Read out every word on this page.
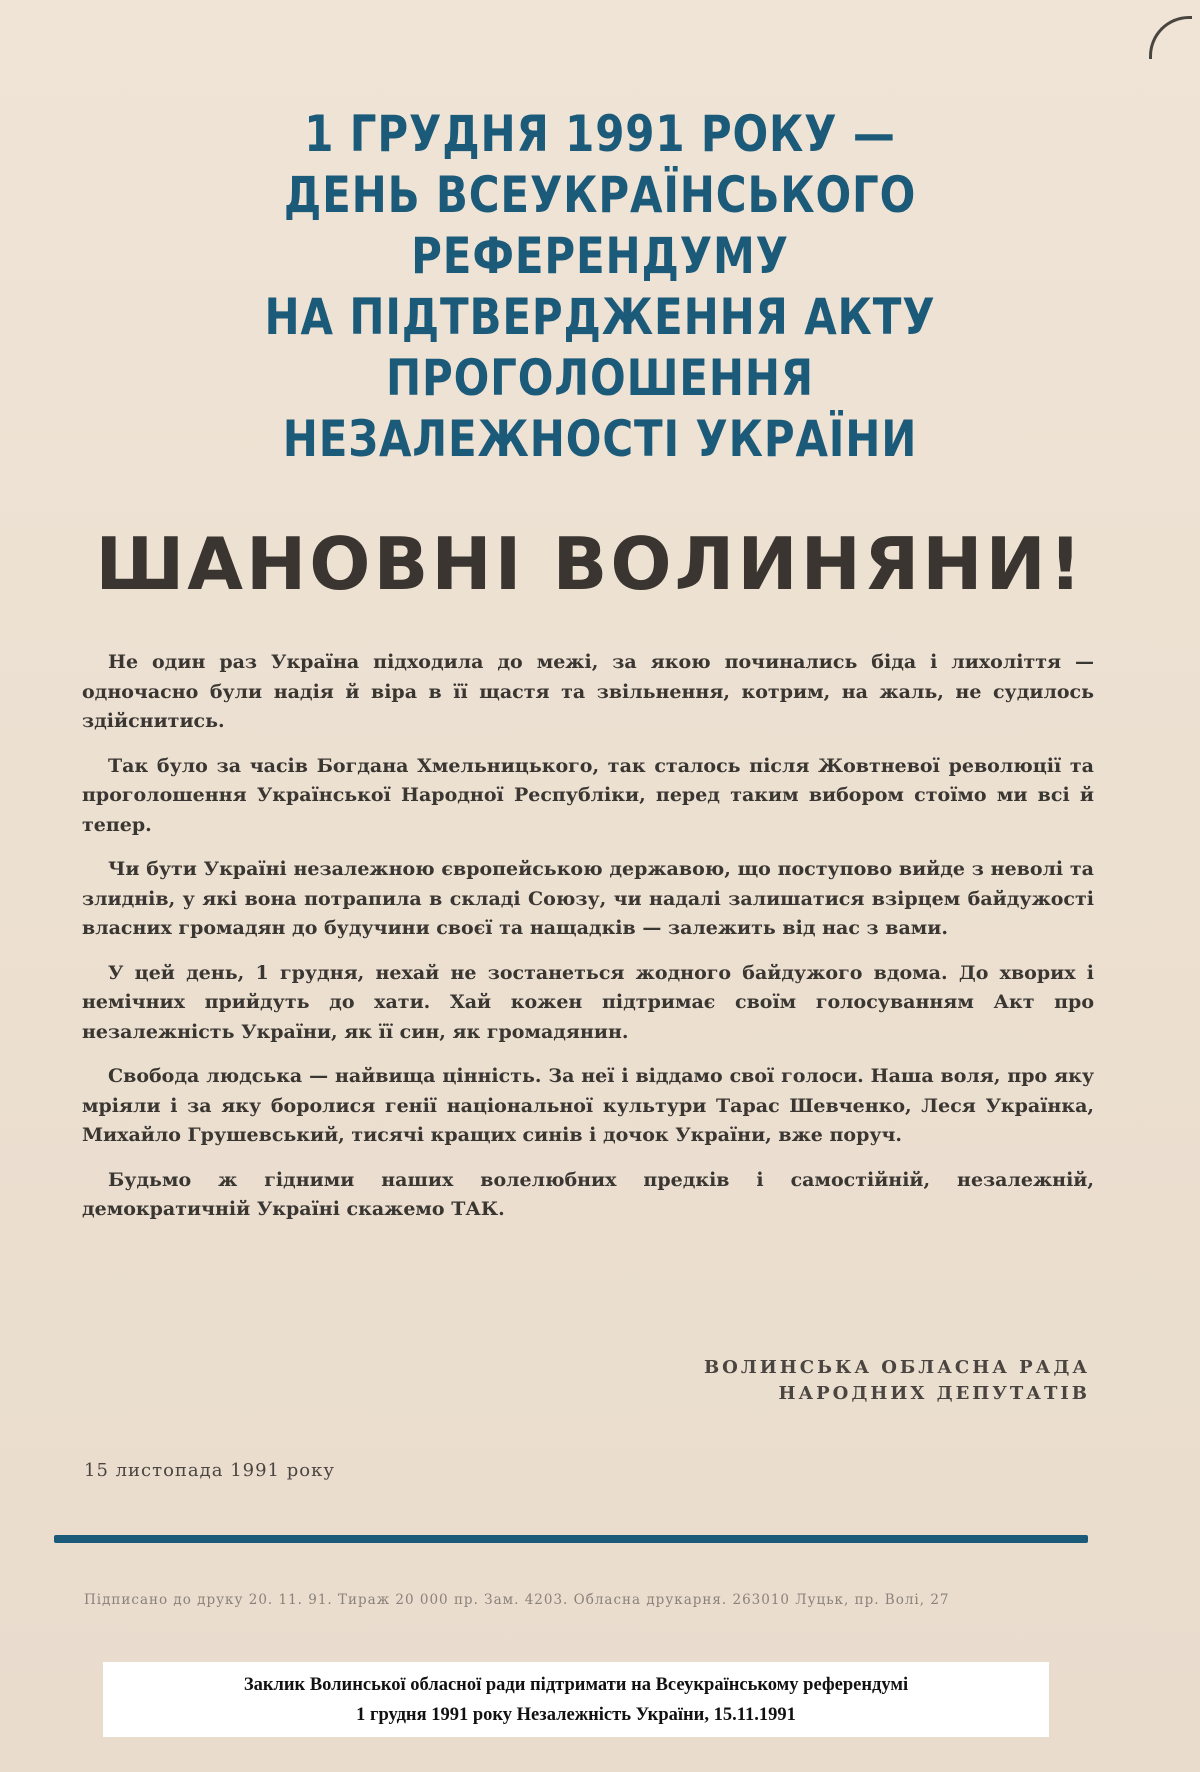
1 ГРУДНЯ 1991 РОКУ —
ДЕНЬ ВСЕУКРАЇНСЬКОГО РЕФЕРЕНДУМУ
НА ПІДТВЕРДЖЕННЯ АКТУ
ПРОГОЛОШЕННЯ
НЕЗАЛЕЖНОСТІ УКРАЇНИ
ШАНОВНІ ВОЛИНЯНИ!

Не один раз Україна підходила до межі, за якою починались біда і лихоліття — одночасно були надія й віра в її щастя та звільнення, котрим, на жаль, не судилось здійснитись.

Так було за часів Богдана Хмельницького, так сталось після Жовтневої революції та проголошення Української Народної Республіки, перед таким вибором стоїмо ми всі й тепер.

Чи бути Україні незалежною європейською державою, що поступово вийде з неволі та злиднів, у які вона потрапила в складі Союзу, чи надалі залишатися взірцем байдужості власних громадян до будучини своєї та нащадків — залежить від нас з вами.

У цей день, 1 грудня, нехай не зостанеться жодного байдужого вдома. До хворих і немічних прийдуть до хати. Хай кожен підтримає своїм голосуванням Акт про незалежність України, як її син, як громадянин.

Свобода людська — найвища цінність. За неї і віддамо свої голоси. Наша воля, про яку мріяли і за яку боролися генії національної культури Тарас Шевченко, Леся Українка, Михайло Грушевський, тисячі кращих синів і дочок України, вже поруч.

Будьмо ж гідними наших волелюбних предків і самостійній, незалежній, демократичній Україні скажемо ТАК.

ВОЛИНСЬКА ОБЛАСНА РАДА
НАРОДНИХ ДЕПУТАТІВ
15 листопада 1991 року
Підписано до друку 20. 11. 91. Тираж 20 000 пр. Зам. 4203. Обласна друкарня. 263010 Луцьк, пр. Волі, 27
Заклик Волинської обласної ради підтримати на Всеукраїнському референдумі
1 грудня 1991 року Незалежність України, 15.11.1991
